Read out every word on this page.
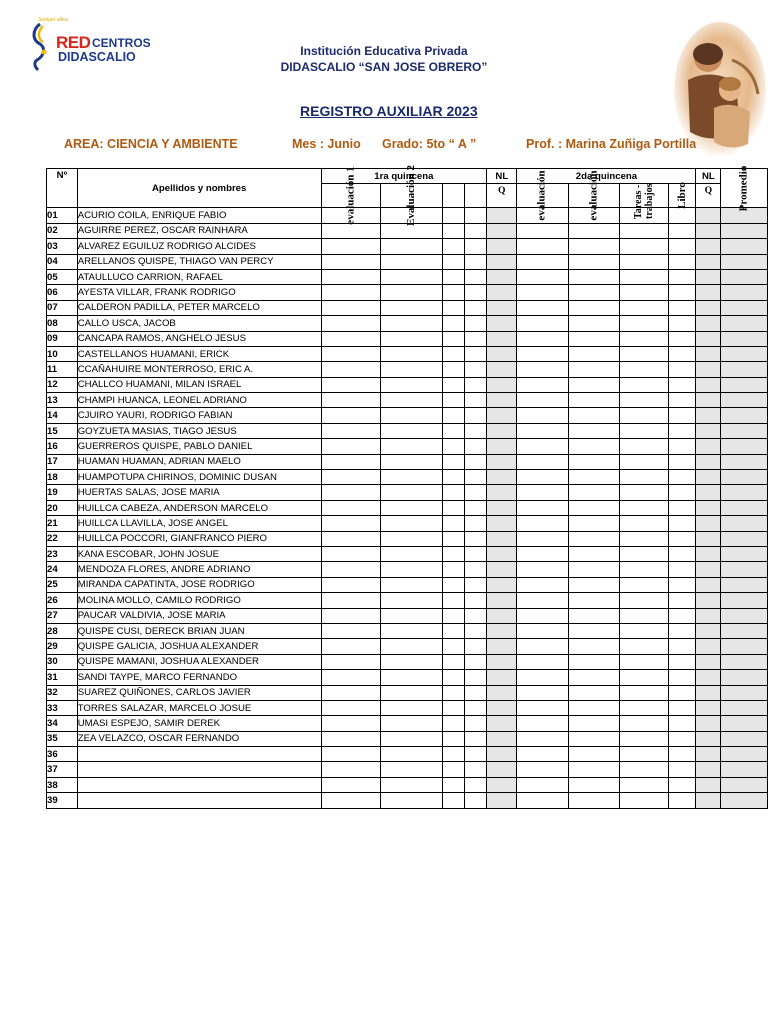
Semper altius
RED CENTROS
DIDASCALIO	Institución Educativa Privada
DIDASCALIO “SAN JOSE OBRERO”
REGISTRO AUXILIAR 2023
AREA: CIENCIA Y AMBIENTE	Mes : Junio Grado: 5to “ A ”	Prof. : Marina Zuñiga Portilla
Nº	Apellidos y nombres	1ra quincena				NL	2da quincena				NL	Promedio
		evaluación 1	Evaluación 2			Q	evaluación	evaluación	Tareas - trabajos	Libro	Q	
01	ACURIO COILA, ENRIQUE FABIO											
02	AGUIRRE PEREZ, OSCAR RAINHARA											
03	ALVAREZ EGUILUZ RODRIGO ALCIDES											
04	ARELLANOS QUISPE, THIAGO VAN PERCY											
05	ATAULLUCO CARRION, RAFAEL											
06	AYESTA VILLAR, FRANK RODRIGO											
07	CALDERON PADILLA, PETER MARCELO											
08	CALLO USCA, JACOB											
09	CANCAPA RAMOS, ANGHELO JESUS											
10	CASTELLANOS HUAMANI, ERICK											
11	CCAÑAHUIRE MONTERROSO, ERIC A.											
12	CHALLCO HUAMANI, MILAN ISRAEL											
13	CHAMPI HUANCA, LEONEL ADRIANO											
14	CJUIRO YAURI, RODRIGO FABIAN											
15	GOYZUETA MASIAS, TIAGO JESUS											
16	GUERREROS QUISPE, PABLO DANIEL											
17	HUAMAN HUAMAN, ADRIAN MAELO											
18	HUAMPOTUPA CHIRINOS, DOMINIC DUSAN											
19	HUERTAS SALAS, JOSE MARIA											
20	HUILLCA CABEZA, ANDERSON MARCELO											
21	HUILLCA LLAVILLA, JOSE ANGEL											
22	HUILLCA POCCORI, GIANFRANCO PIERO											
23	KANA ESCOBAR, JOHN JOSUE											
24	MENDOZA FLORES, ANDRE ADRIANO											
25	MIRANDA CAPATINTA, JOSE RODRIGO											
26	MOLINA MOLLO, CAMILO RODRIGO											
27	PAUCAR VALDIVIA, JOSE MARIA											
28	QUISPE CUSI, DERECK BRIAN JUAN											
29	QUISPE GALICIA, JOSHUA ALEXANDER											
30	QUISPE MAMANI, JOSHUA ALEXANDER											
31	SANDI TAYPE, MARCO FERNANDO											
32	SUAREZ QUIÑONES, CARLOS JAVIER											
33	TORRES SALAZAR, MARCELO JOSUE											
34	UMASI ESPEJO, SAMIR DEREK											
35	ZEA VELAZCO, OSCAR FERNANDO											
36												
37												
38												
39												
